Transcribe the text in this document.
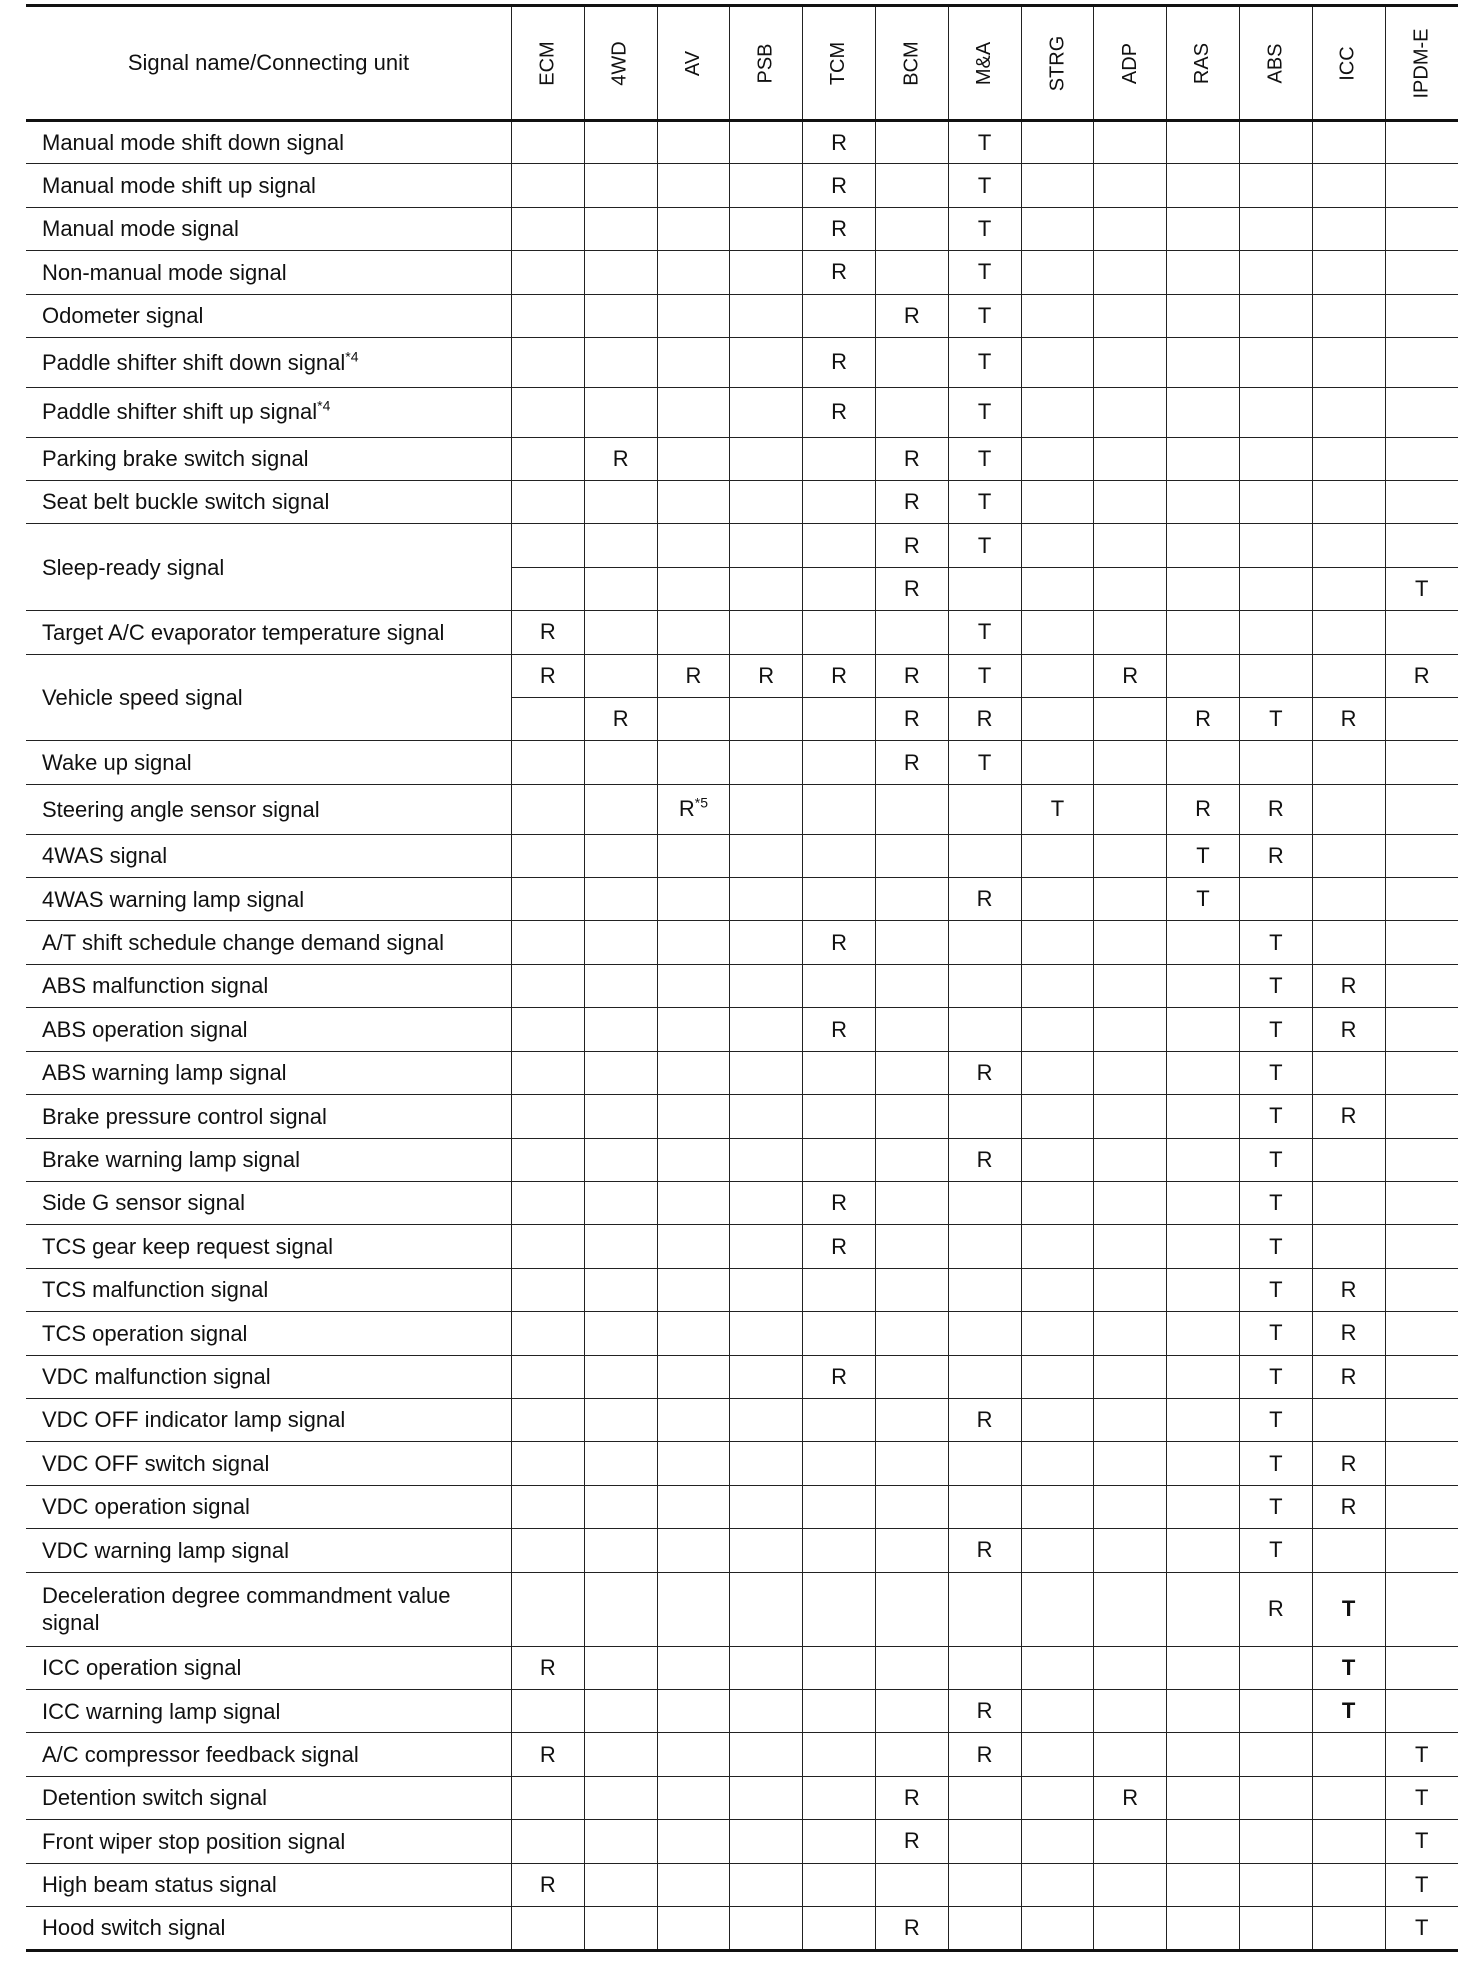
Signal name/Connecting unit	ECM	4WD	AV	PSB	TCM	BCM	M&A	STRG	ADP	RAS	ABS	ICC	IPDM-E
Manual mode shift down signal					R		T						
Manual mode shift up signal					R		T						
Manual mode signal					R		T						
Non-manual mode signal					R		T						
Odometer signal						R	T						
Paddle shifter shift down signal$^{*4}$					R		T						
Paddle shifter shift up signal$^{*4}$					R		T						
Parking brake switch signal		R				R	T						
Seat belt buckle switch signal						R	T						
Sleep-ready signal						R	T						
						R							T
Target A/C evaporator temperature signal	R						T						
Vehicle speed signal	R		R	R	R	R	T		R				R
		R				R	R			R	T	R	
Wake up signal						R	T						
Steering angle sensor signal			$R^{*5}$					T		R	R		
4WAS signal										T	R		
4WAS warning lamp signal							R			T			
A/T shift schedule change demand signal					R						T		
ABS malfunction signal											T	R	
ABS operation signal					R						T	R	
ABS warning lamp signal							R				T		
Brake pressure control signal											T	R	
Brake warning lamp signal							R				T		
Side G sensor signal					R						T		
TCS gear keep request signal					R						T		
TCS malfunction signal											T	R	
TCS operation signal											T	R	
VDC malfunction signal					R						T	R	
VDC OFF indicator lamp signal							R				T		
VDC OFF switch signal											T	R	
VDC operation signal											T	R	
VDC warning lamp signal							R				T		
Deceleration degree commandment value signal											R	T	
ICC operation signal	R											T	
ICC warning lamp signal							R					T	
A/C compressor feedback signal	R						R						T
Detention switch signal						R			R				T
Front wiper stop position signal						R							T
High beam status signal	R												T
Hood switch signal						R							T
